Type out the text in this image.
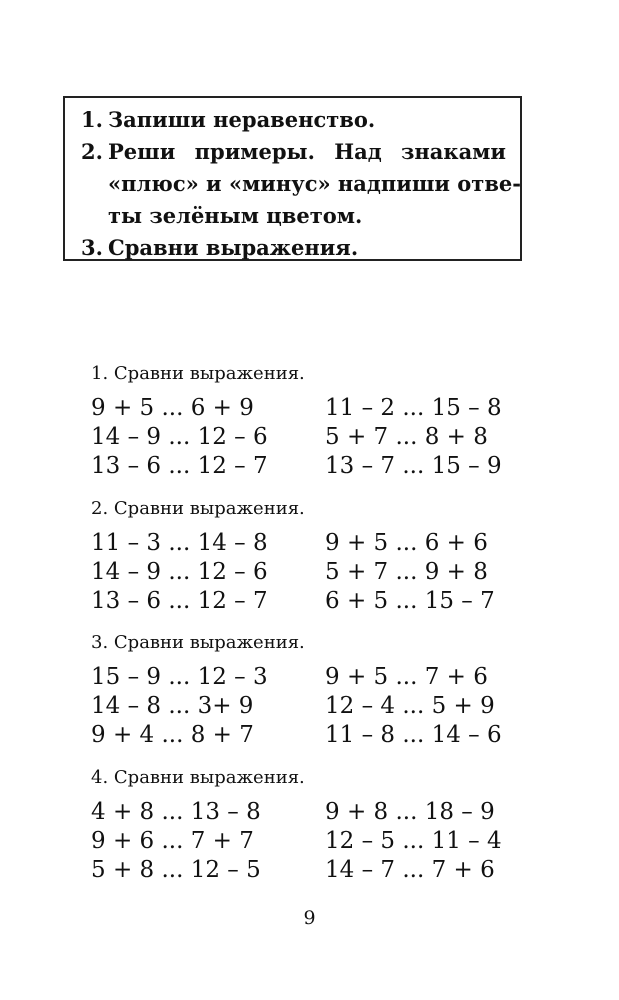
1. Запиши неравенство.
2. Реши примеры. Над знаками
«плюс» и «минус» надпиши отве-
ты зелёным цветом.
3. Сравни выражения.
1. Сравни выражения.
9 + 5 ... 6 + 9	11 – 2 ... 15 – 8
14 – 9 ... 12 – 6	5 + 7 ... 8 + 8
13 – 6 ... 12 – 7	13 – 7 ... 15 – 9
2. Сравни выражения.
11 – 3 ... 14 – 8	9 + 5 ... 6 + 6
14 – 9 ... 12 – 6	5 + 7 ... 9 + 8
13 – 6 ... 12 – 7	6 + 5 ... 15 – 7
3. Сравни выражения.
15 – 9 ... 12 – 3	9 + 5 ... 7 + 6
14 – 8 ... 3+ 9	12 – 4 ... 5 + 9
9 + 4 ... 8 + 7	11 – 8 ... 14 – 6
4. Сравни выражения.
4 + 8 ... 13 – 8	9 + 8 ... 18 – 9
9 + 6 ... 7 + 7	12 – 5 ... 11 – 4
5 + 8 ... 12 – 5	14 – 7 ... 7 + 6
9
